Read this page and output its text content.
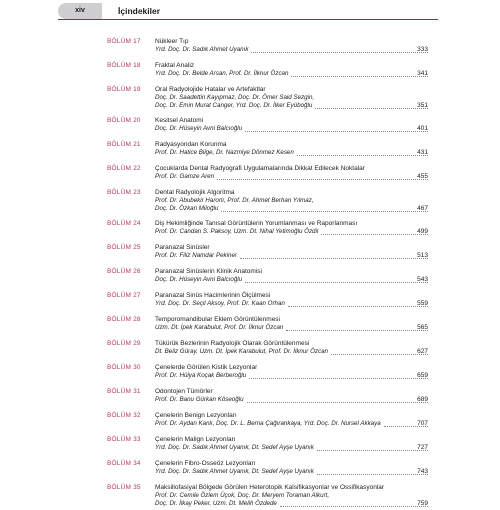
xiv	İçindekiler
BÖLÜM 17 Nükleer Tıp
Yrd. Doç. Dr. Sadık Ahmet Uyanık	333
BÖLÜM 18 Fraktal Analiz
Yrd. Doç. Dr. Belde Arsan, Prof. Dr. İlknur Özcan	341
BÖLÜM 19 Oral Radyolojide Hatalar ve Artefaktlar
Doç. Dr. Saadettin Kayıpmaz, Doç. Dr. Ömer Said Sezgin,
Doç. Dr. Emin Murat Canger, Yrd. Doç. Dr. İlker Eyüboğlu	351
BÖLÜM 20 Kesitsel Anatomi
Doç. Dr. Hüseyin Avni Balcıoğlu	401
BÖLÜM 21 Radyasyondan Korunma
Prof. Dr. Hatice Bilge, Dr. Nazmiye Dönmez Kesen	431
BÖLÜM 22 Çocuklarda Dental Radyografi Uygulamalarında Dikkat Edilecek Noktalar
Prof. Dr. Gamze Aren	455
BÖLÜM 23 Dental Radyolojik Algoritma
Prof. Dr. Abubekir Harorlı, Prof. Dr. Ahmet Berhan Yılmaz,
Doç. Dr. Özkan Miloğlu	467
BÖLÜM 24 Diş Hekimliğinde Tanısal Görüntülerin Yorumlanması ve Raporlanması
Prof. Dr. Candan S. Paksoy, Uzm. Dt. Nihal Yetimoğlu Özdil	499
BÖLÜM 25 Paranazal Sinüsler
Prof. Dr. Filiz Namdar Pekiner	513
BÖLÜM 26 Paranazal Sinüslerin Klinik Anatomisi
Doç. Dr. Hüseyin Avni Balcıoğlu	543
BÖLÜM 27 Paranazal Sinüs Hacimlerinin Ölçülmesi
Yrd. Doç. Dr. Seçil Aksoy, Prof. Dr. Kaan Orhan	559
BÖLÜM 28 Temporomandibular Eklem Görüntülenmesi
Uzm. Dt. İpek Karabulut, Prof. Dr. İlknur Özcan	565
BÖLÜM 29 Tükürük Bezlerinin Radyolojik Olarak Görüntülenmesi
Dt. Beliz Güray, Uzm. Dt. İpek Karabulut, Prof. Dr. İlknur Özcan	627
BÖLÜM 30 Çenelerde Görülen Kistik Lezyonlar
Prof. Dr. Hülya Koçak Berberoğlu	659
BÖLÜM 31 Odontojen Tümörler
Prof. Dr. Banu Gürkan Köseoğlu	689
BÖLÜM 32 Çenelerin Benign Lezyonları
Prof. Dr. Aydan Kanlı, Doç. Dr. L. Berna Çağırankaya, Yrd. Doç. Dr. Nursel Akkaya	707
BÖLÜM 33 Çenelerin Malign Lezyonları
Yrd. Doç. Dr. Sadık Ahmet Uyanık, Dt. Sedef Ayşe Uyanık	727
BÖLÜM 34 Çenelerin Fibro-Osseöz Lezyonları
Yrd. Doç. Dr. Sadık Ahmet Uyanık, Dt. Sedef Ayşe Uyanık	743
BÖLÜM 35 Maksillofasiyal Bölgede Görülen Heterotopik Kalsifikasyonlar ve Ossifikasyonlar
Prof. Dr. Cemile Özlem Üçok, Doç. Dr. Meryem Toraman Alkurt,
Doç. Dr. İlkay Peker, Uzm. Dt. Melih Özdede	759
